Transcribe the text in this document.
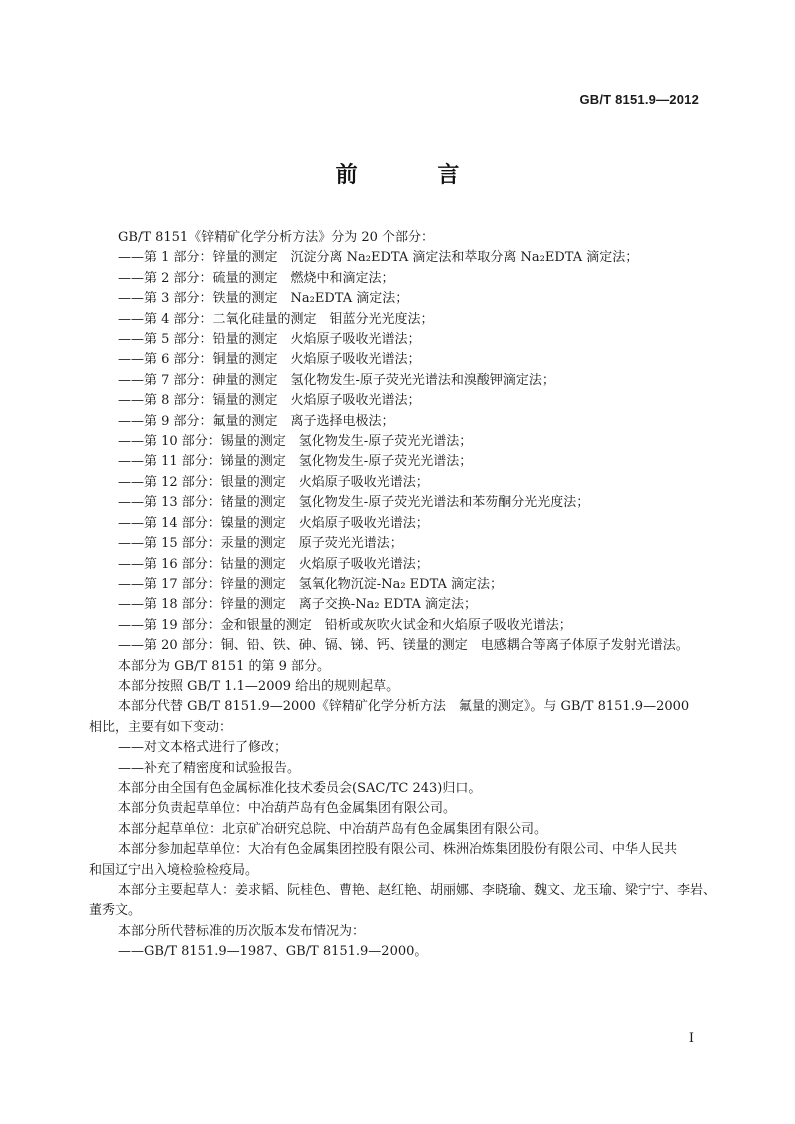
GB/T 8151.9—2012
前 言

GB/T 8151《锌精矿化学分析方法》分为 20 个部分：

——第 1 部分：锌量的测定　沉淀分离 Na₂EDTA 滴定法和萃取分离 Na₂EDTA 滴定法；

——第 2 部分：硫量的测定　燃烧中和滴定法；

——第 3 部分：铁量的测定　Na₂EDTA 滴定法；

——第 4 部分：二氧化硅量的测定　钼蓝分光光度法；

——第 5 部分：铅量的测定　火焰原子吸收光谱法；

——第 6 部分：铜量的测定　火焰原子吸收光谱法；

——第 7 部分：砷量的测定　氢化物发生-原子荧光光谱法和溴酸钾滴定法；

——第 8 部分：镉量的测定　火焰原子吸收光谱法；

——第 9 部分：氟量的测定　离子选择电极法；

——第 10 部分：锡量的测定　氢化物发生-原子荧光光谱法；

——第 11 部分：锑量的测定　氢化物发生-原子荧光光谱法；

——第 12 部分：银量的测定　火焰原子吸收光谱法；

——第 13 部分：锗量的测定　氢化物发生-原子荧光光谱法和苯芴酮分光光度法；

——第 14 部分：镍量的测定　火焰原子吸收光谱法；

——第 15 部分：汞量的测定　原子荧光光谱法；

——第 16 部分：钴量的测定　火焰原子吸收光谱法；

——第 17 部分：锌量的测定　氢氧化物沉淀-Na₂ EDTA 滴定法；

——第 18 部分：锌量的测定　离子交换-Na₂ EDTA 滴定法；

——第 19 部分：金和银量的测定　铅析或灰吹火试金和火焰原子吸收光谱法；

——第 20 部分：铜、铅、铁、砷、镉、锑、钙、镁量的测定　电感耦合等离子体原子发射光谱法。

本部分为 GB/T 8151 的第 9 部分。

本部分按照 GB/T 1.1—2009 给出的规则起草。

本部分代替 GB/T 8151.9—2000《锌精矿化学分析方法　氟量的测定》。与 GB/T 8151.9—2000
相比，主要有如下变动：

——对文本格式进行了修改；

——补充了精密度和试验报告。

本部分由全国有色金属标准化技术委员会(SAC/TC 243)归口。

本部分负责起草单位：中冶葫芦岛有色金属集团有限公司。

本部分起草单位：北京矿冶研究总院、中冶葫芦岛有色金属集团有限公司。

本部分参加起草单位：大冶有色金属集团控股有限公司、株洲冶炼集团股份有限公司、中华人民共
和国辽宁出入境检验检疫局。

本部分主要起草人：姜求韬、阮桂色、曹艳、赵红艳、胡丽娜、李晓瑜、魏文、龙玉瑜、梁宁宁、李岩、
董秀文。

本部分所代替标准的历次版本发布情况为：

——GB/T 8151.9—1987、GB/T 8151.9—2000。

I
